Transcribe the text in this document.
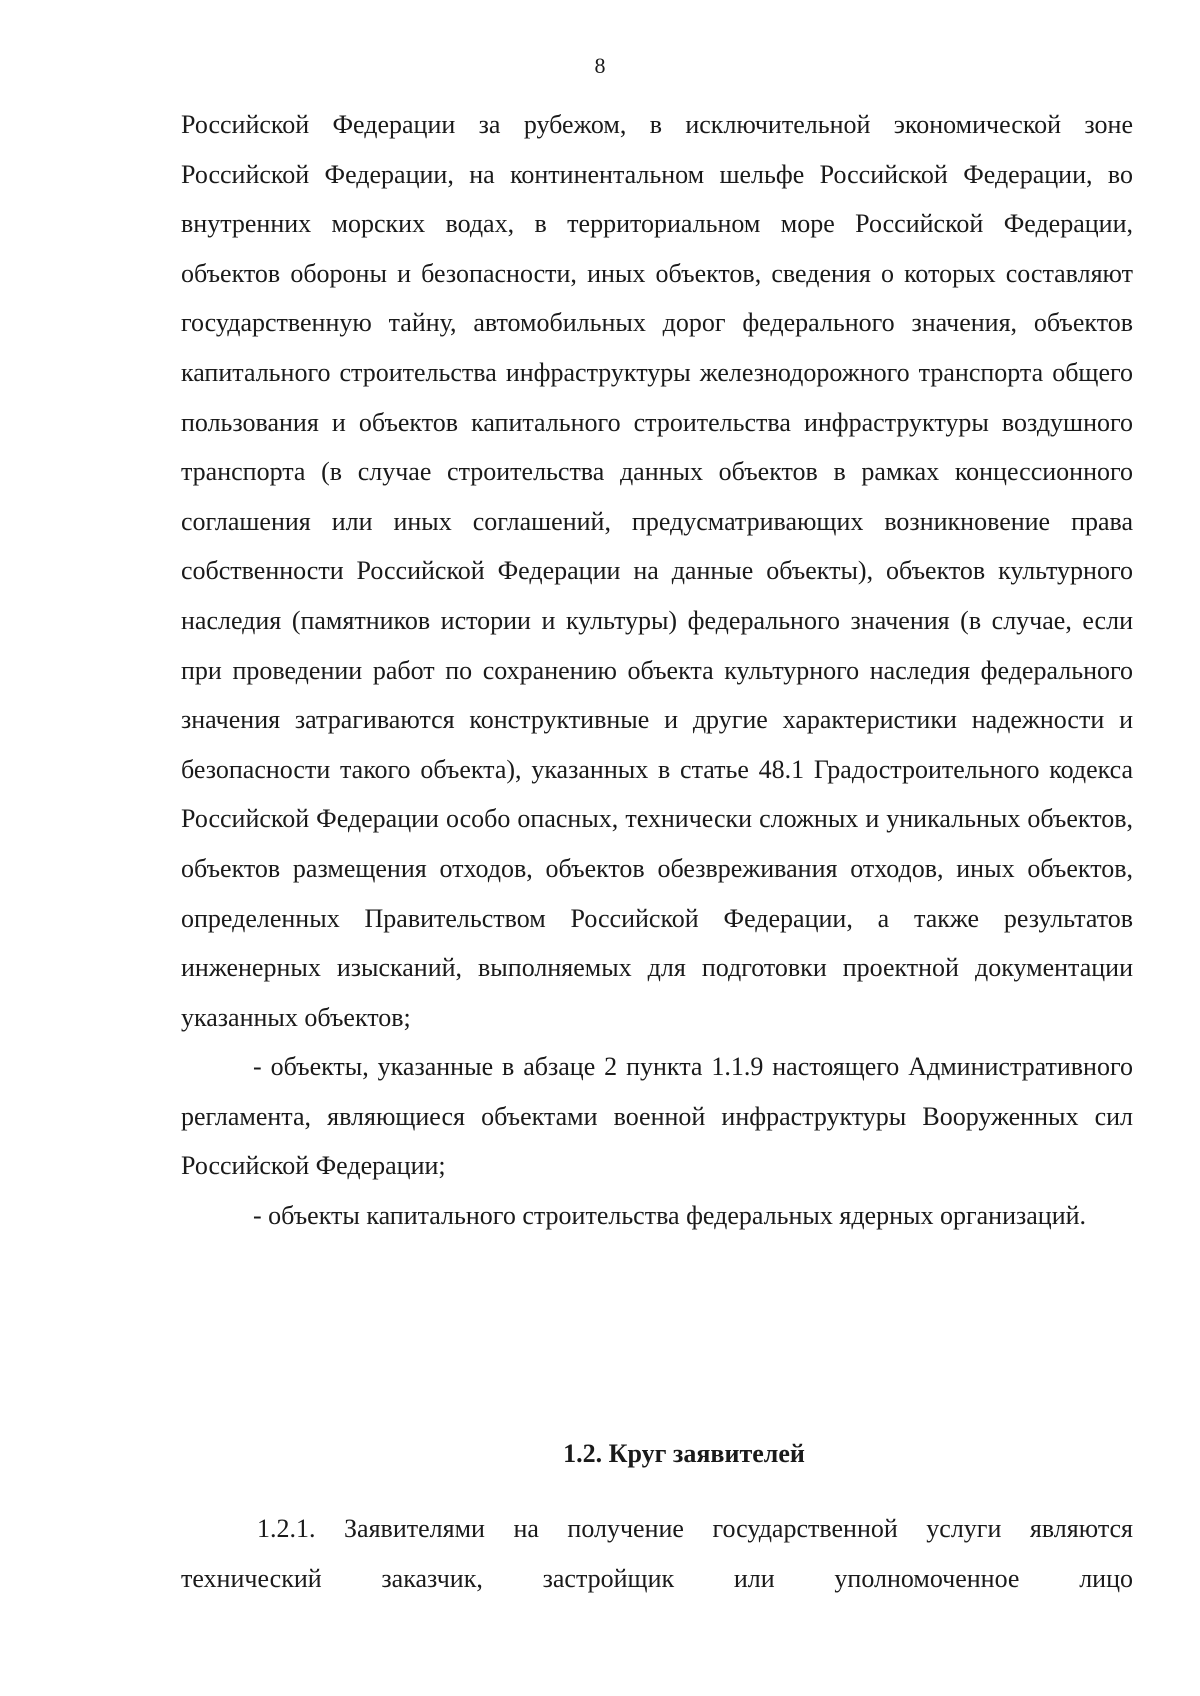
8

Российской Федерации за рубежом, в исключительной экономической зоне Российской Федерации, на континентальном шельфе Российской Федерации, во внутренних морских водах, в территориальном море Российской Федерации, объектов обороны и безопасности, иных объектов, сведения о которых составляют государственную тайну, автомобильных дорог федерального значения, объектов капитального строительства инфраструктуры железнодорожного транспорта общего пользования и объектов капитального строительства инфраструктуры воздушного транспорта (в случае строительства данных объектов в рамках концессионного соглашения или иных соглашений, предусматривающих возникновение права собственности Российской Федерации на данные объекты), объектов культурного наследия (памятников истории и культуры) федерального значения (в случае, если при проведении работ по сохранению объекта культурного наследия федерального значения затрагиваются конструктивные и другие характеристики надежности и безопасности такого объекта), указанных в статье 48.1 Градостроительного кодекса Российской Федерации особо опасных, технически сложных и уникальных объектов, объектов размещения отходов, объектов обезвреживания отходов, иных объектов, определенных Правительством Российской Федерации, а также результатов инженерных изысканий, выполняемых для подготовки проектной документации указанных объектов;

- объекты, указанные в абзаце 2 пункта 1.1.9 настоящего Административного регламента, являющиеся объектами военной инфраструктуры Вооруженных сил Российской Федерации;

- объекты капитального строительства федеральных ядерных организаций.

1.2. Круг заявителей

1.2.1. Заявителями на получение государственной услуги являются

технический заказчик, застройщик или уполномоченное лицо
